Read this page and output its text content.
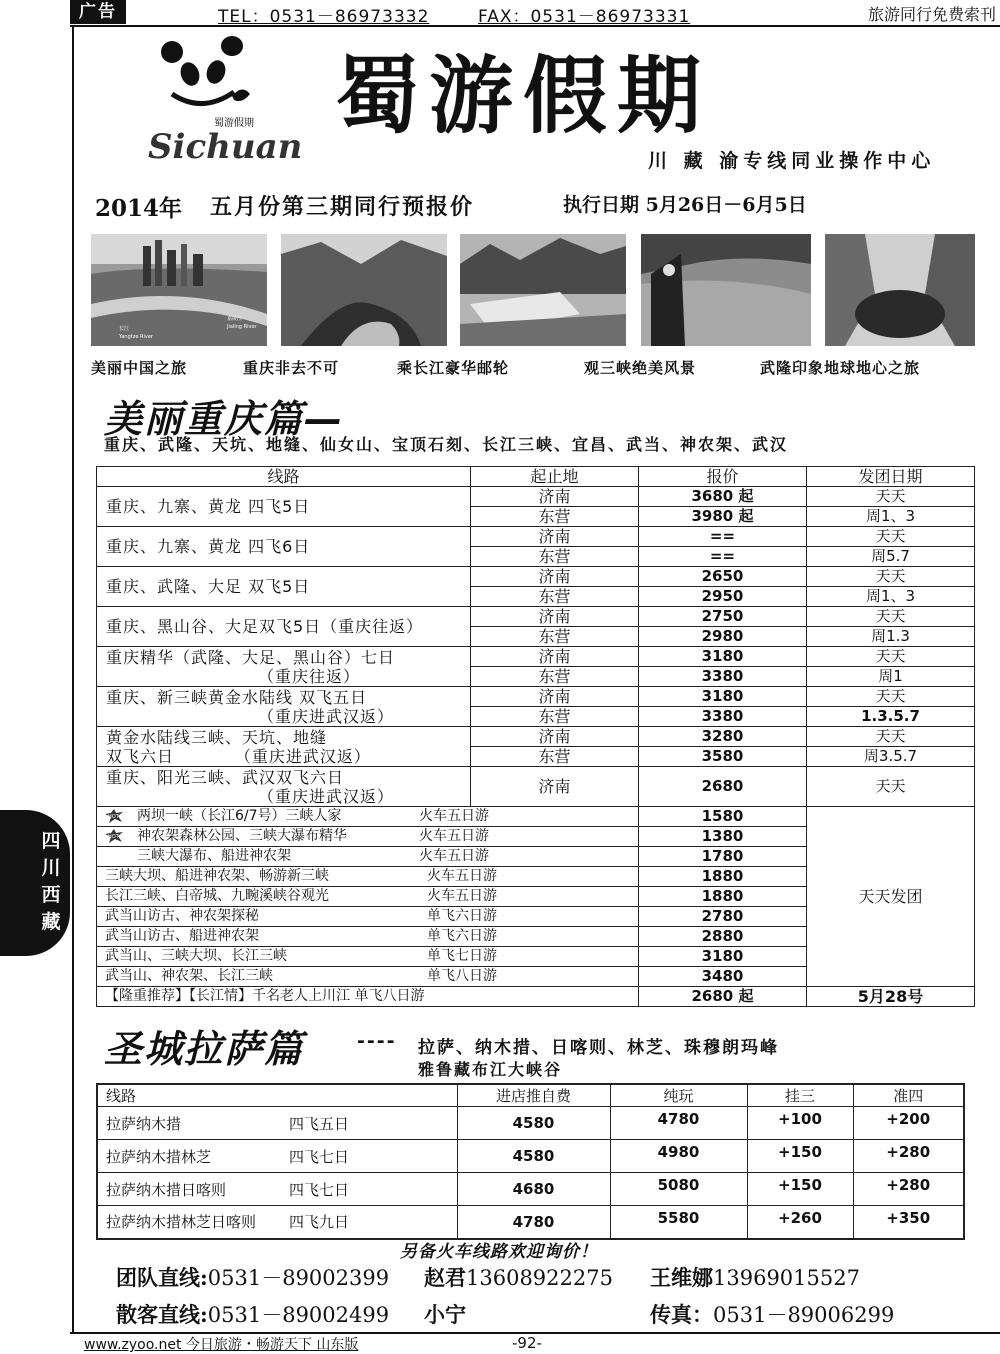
广告	TEL：0531－86973332	FAX：0531－86973331	旅游同行免费索刊
蜀游假期
Sichuan
蜀游假期
川 藏 渝专线同业操作中心
2014年 五月份第三期同行预报价	执行日期 5月26日－6月5日
长江
Yangtze River
嘉陵江
Jialing River
美丽中国之旅	重庆非去不可	乘长江豪华邮轮	观三峡绝美风景	武隆印象地球地心之旅
美丽重庆篇—
重庆、武隆、天坑、地缝、仙女山、宝顶石刻、长江三峡、宜昌、武当、神农架、武汉
线路	起止地	报价	发团日期
重庆、九寨、黄龙 四飞5日	济南	3680 起	天天
	东营	3980 起	周1、3
重庆、九寨、黄龙 四飞6日	济南	==	天天
	东营	==	周5.7
重庆、武隆、大足 双飞5日	济南	2650	天天
	东营	2950	周1、3
重庆、黑山谷、大足双飞5日（重庆往返）	济南	2750	天天
	东营	2980	周1.3

重庆精华（武隆、大足、黑山谷）七日
（重庆往返）	济南	3180	天天
	东营	3380	周1

重庆、新三峡黄金水陆线 双飞五日
（重庆进武汉返）	济南	3180	天天
	东营	3380	1.3.5.7

黄金水陆线三峡、天坑、地缝
双飞六日          （重庆进武汉返）	济南	3280	天天
	东营	3580	周3.5.7

重庆、阳光三峡、武汉双飞六日
（重庆进武汉返）	济南	2680	天天

HOT 两坝一峡（长江6/7号）三峡人家 火车五日游		1580	天天发团

HOT 神农架森林公园、三峡大瀑布精华 火车五日游		1380	
三峡大瀑布、船进神农架 火车五日游		1780	
三峡大坝、船进神农架、畅游新三峡 火车五日游		1880	
长江三峡、白帝城、九畹溪峡谷观光 火车五日游		1880	
武当山访古、神农架探秘 单飞六日游		2780	
武当山访古、船进神农架 单飞六日游		2880	
武当山、三峡大坝、长江三峡 单飞七日游		3180	
武当山、神农架、长江三峡 单飞八日游		3480	
【隆重推荐】【长江情】千名老人上川江 单飞八日游		2680 起	5月28号
圣城拉萨篇	---- 拉萨、纳木措、日喀则、林芝、珠穆朗玛峰
雅鲁藏布江大峡谷
线路	进店推自费	纯玩	挂三	准四
拉萨纳木措 四飞五日	4580	4780	+100	+200
拉萨纳木措林芝 四飞七日	4580	4980	+150	+280
拉萨纳木措日喀则 四飞七日	4680	5080	+150	+280
拉萨纳木措林芝日喀则 四飞九日	4780	5580	+260	+350
另备火车线路欢迎询价！
团队直线:0531－89002399 赵君13608922275 王维娜13969015527
散客直线:0531－89002499 小宁	传真：0531－89006299
www.zyoo.net 今日旅游・畅游天下 山东版	-92-
四川西藏
